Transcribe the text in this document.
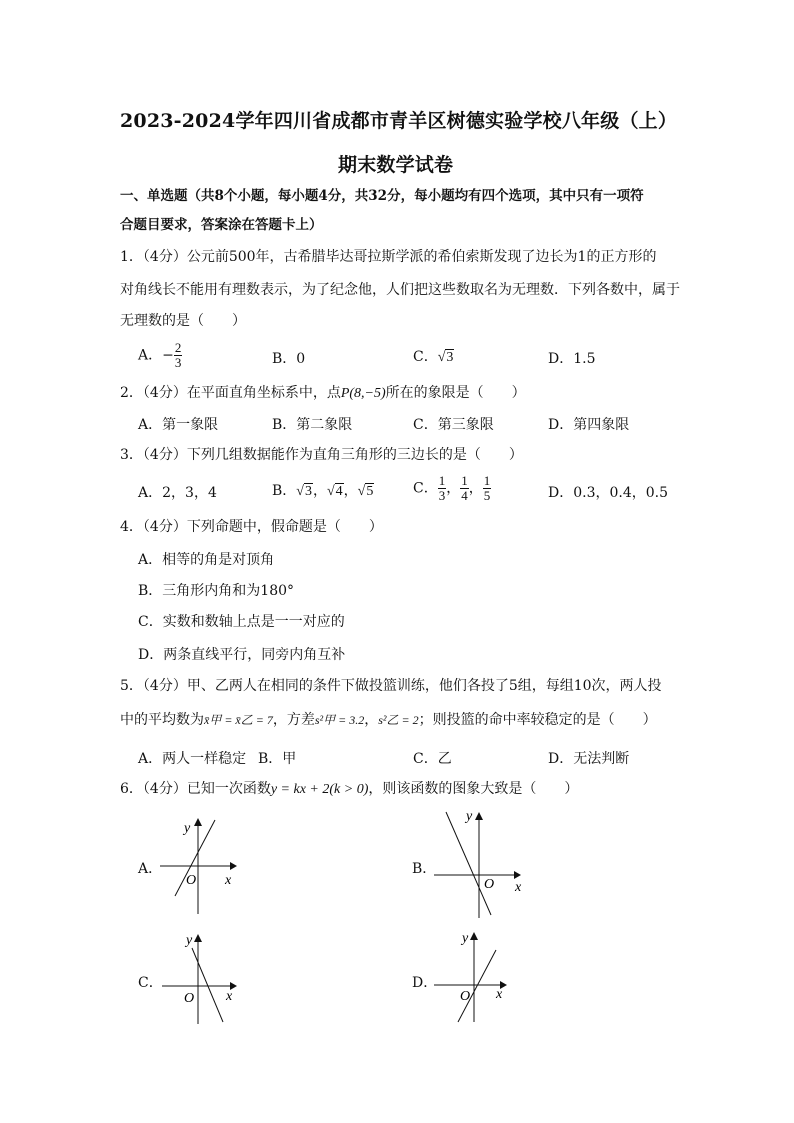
2023-2024学年四川省成都市青羊区树德实验学校八年级（上）
期末数学试卷
一、单选题（共8个小题，每小题4分，共32分，每小题均有四个选项，其中只有一项符
合题目要求，答案涂在答题卡上）
1．（4分）公元前500年，古希腊毕达哥拉斯学派的希伯索斯发现了边长为1的正方形的
对角线长不能用有理数表示，为了纪念他，人们把这些数取名为无理数．下列各数中，属于
无理数的是（　　）
A．− $\frac{2}{3}$	B．0	C．√3	D．1.5
2．（4分）在平面直角坐标系中，点P(8,−5)所在的象限是（　　）
A．第一象限	B．第二象限	C．第三象限	D．第四象限
3．（4分）下列几组数据能作为直角三角形的三边长的是（　　）
A．2，3，4	B．√3，√4，√5	C． $\frac{1}{3}$ ， $\frac{1}{4}$ ， $\frac{1}{5}$	D．0.3，0.4，0.5
4．（4分）下列命题中，假命题是（　　）
A．相等的角是对顶角
B．三角形内角和为180°
C．实数和数轴上点是一一对应的
D．两条直线平行，同旁内角互补
5．（4分）甲、乙两人在相同的条件下做投篮训练，他们各投了5组，每组10次，两人投
中的平均数为x̄甲 = x̄乙 = 7，方差s²甲 = 3.2，s²乙 = 2；则投篮的命中率较稳定的是（　　）
A．两人一样稳定 B．甲	C．乙	D．无法判断
6．（4分）已知一次函数y = kx + 2(k > 0)，则该函数的图象大致是（　　）
A．
y
O x
B．
y
O x
C．
y
O x
D．
y
O x
